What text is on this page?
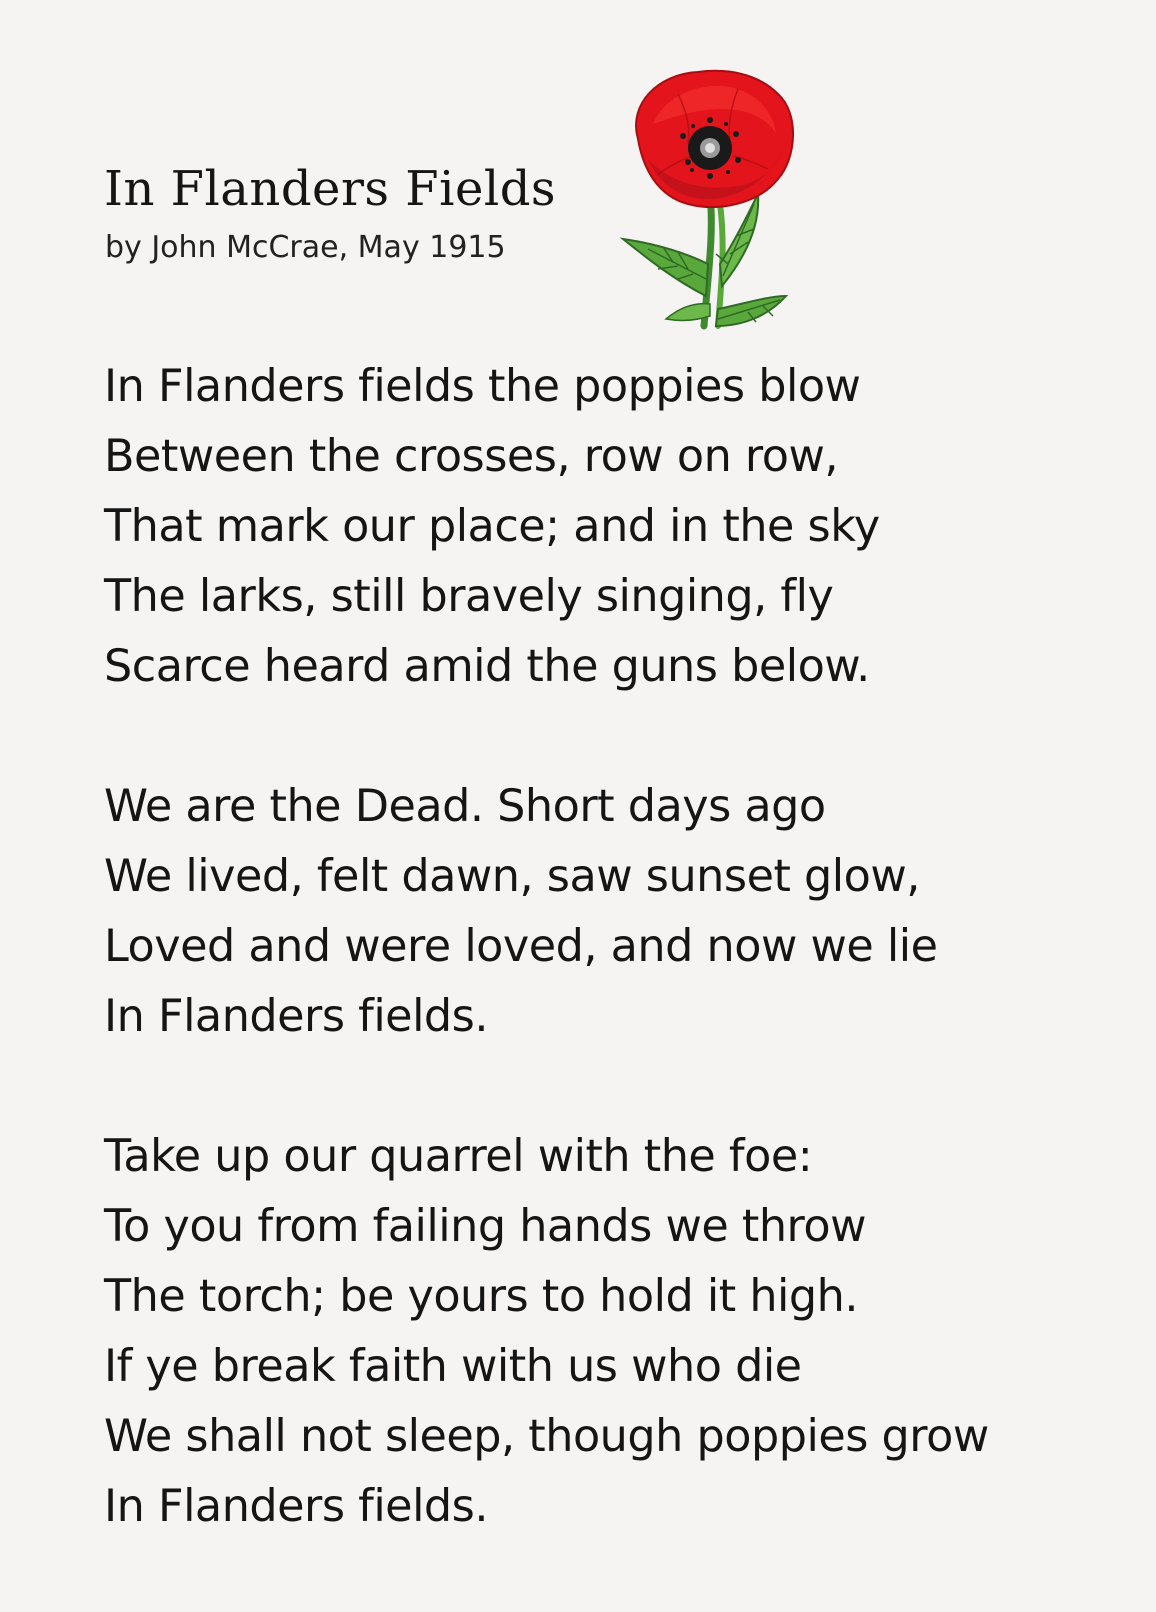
In Flanders Fields

by John McCrae, May 1915

In Flanders fields the poppies blow
Between the crosses, row on row,
That mark our place; and in the sky
The larks, still bravely singing, fly
Scarce heard amid the guns below.
We are the Dead. Short days ago
We lived, felt dawn, saw sunset glow,
Loved and were loved, and now we lie
In Flanders fields.
Take up our quarrel with the foe:
To you from failing hands we throw
The torch; be yours to hold it high.
If ye break faith with us who die
We shall not sleep, though poppies grow
In Flanders fields.
